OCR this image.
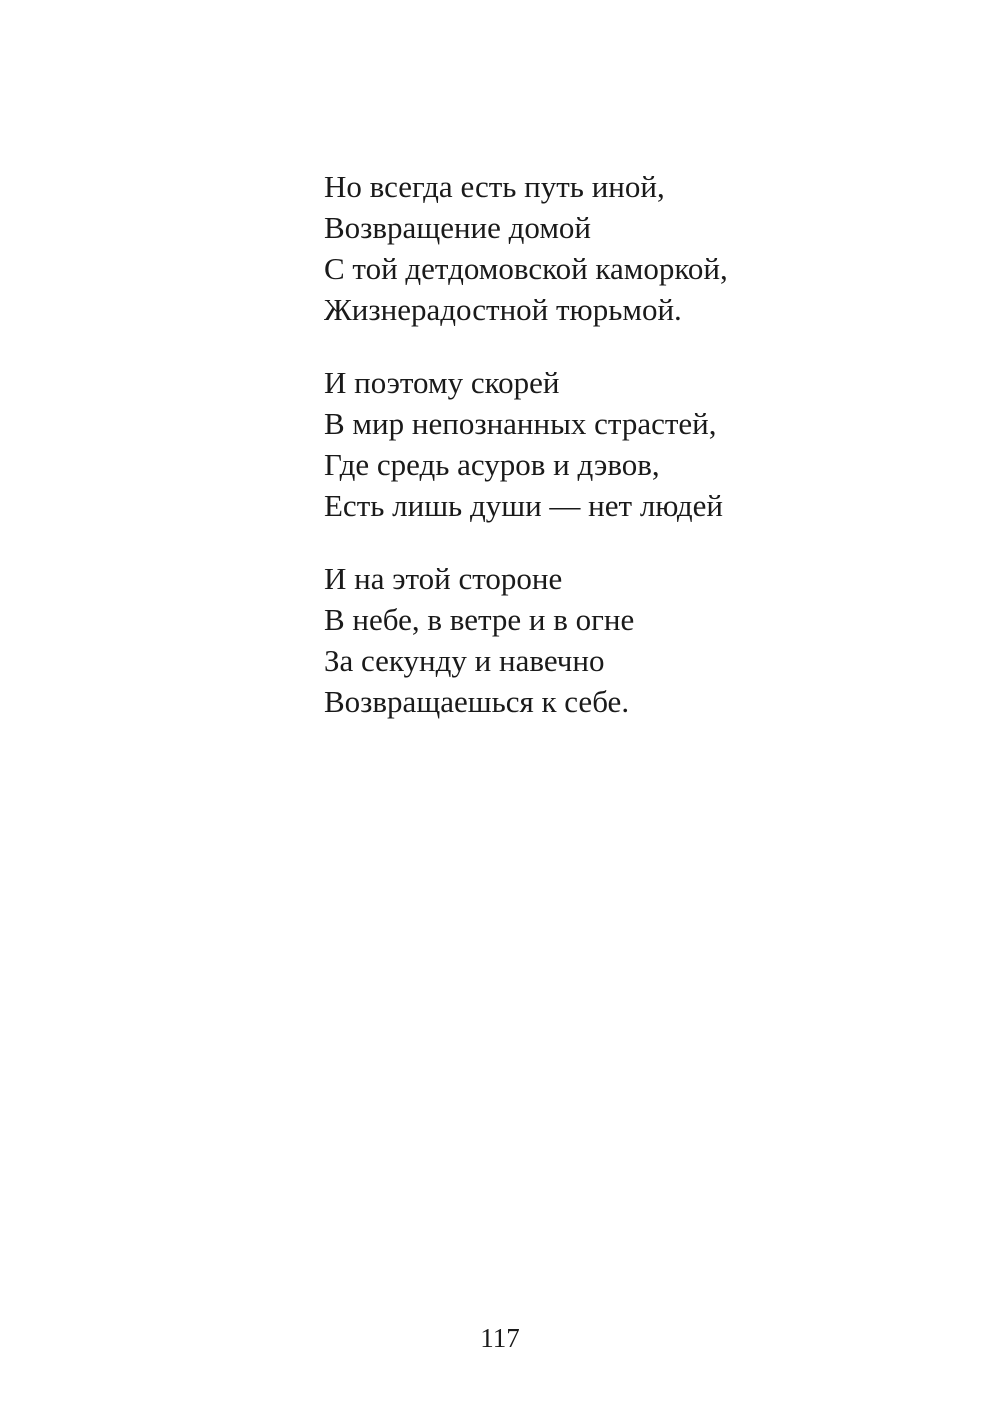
Но всегда есть путь иной,
Возвращение домой
С той детдомовской каморкой,
Жизнерадостной тюрьмой.
И поэтому скорей
В мир непознанных страстей,
Где средь асуров и дэвов,
Есть лишь души — нет людей
И на этой стороне
В небе, в ветре и в огне
За секунду и навечно
Возвращаешься к себе.
117
